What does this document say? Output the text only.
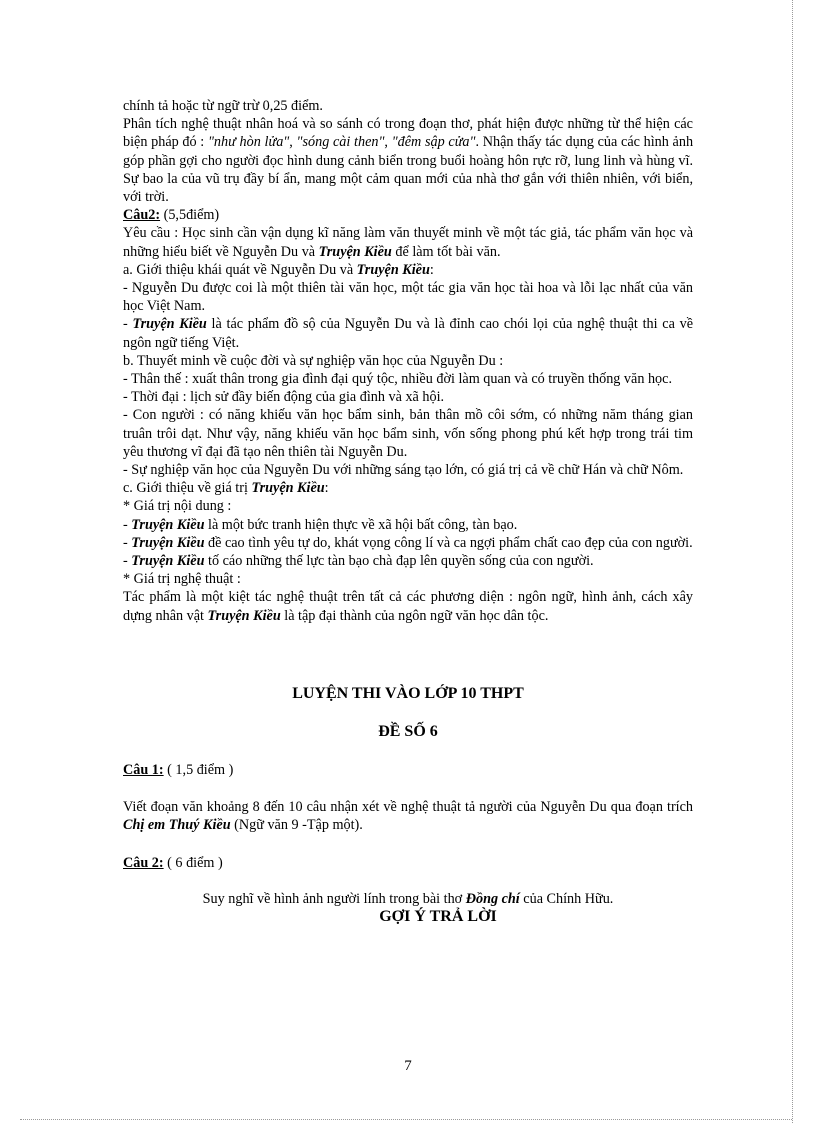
chính tả hoặc từ ngữ trừ 0,25 điểm.

Phân tích nghệ thuật nhân hoá và so sánh có trong đoạn thơ, phát hiện được những từ thể hiện các biện pháp đó : "như hòn lửa", "sóng cài then", "đêm sập cửa". Nhận thấy tác dụng của các hình ảnh góp phần gợi cho người đọc hình dung cảnh biển trong buổi hoàng hôn rực rỡ, lung linh và hùng vĩ. Sự bao la của vũ trụ đầy bí ẩn, mang một cảm quan mới của nhà thơ gắn với thiên nhiên, với biển, với trời.

Câu2: (5,5điểm)

Yêu cầu : Học sinh cần vận dụng kĩ năng làm văn thuyết minh về một tác giả, tác phẩm văn học và những hiểu biết về Nguyễn Du và Truyện Kiều để làm tốt bài văn.

a. Giới thiệu khái quát về Nguyễn Du và Truyện Kiều:

- Nguyễn Du được coi là một thiên tài văn học, một tác gia văn học tài hoa và lỗi lạc nhất của văn học Việt Nam.

- Truyện Kiều là tác phẩm đồ sộ của Nguyễn Du và là đỉnh cao chói lọi của nghệ thuật thi ca về ngôn ngữ tiếng Việt.

b. Thuyết minh về cuộc đời và sự nghiệp văn học của Nguyễn Du :

- Thân thế : xuất thân trong gia đình đại quý tộc, nhiều đời làm quan và có truyền thống văn học.

- Thời đại : lịch sử đầy biến động của gia đình và xã hội.

- Con người : có năng khiếu văn học bẩm sinh, bản thân mồ côi sớm, có những năm tháng gian truân trôi dạt. Như vậy, năng khiếu văn học bẩm sinh, vốn sống phong phú kết hợp trong trái tim yêu thương vĩ đại đã tạo nên thiên tài Nguyễn Du.

- Sự nghiệp văn học của Nguyễn Du với những sáng tạo lớn, có giá trị cả về chữ Hán và chữ Nôm.

c. Giới thiệu về giá trị Truyện Kiều:

* Giá trị nội dung :

- Truyện Kiều là một bức tranh hiện thực về xã hội bất công, tàn bạo.

- Truyện Kiều đề cao tình yêu tự do, khát vọng công lí và ca ngợi phẩm chất cao đẹp của con người.

- Truyện Kiều tố cáo những thế lực tàn bạo chà đạp lên quyền sống của con người.

* Giá trị nghệ thuật :

Tác phẩm là một kiệt tác nghệ thuật trên tất cả các phương diện : ngôn ngữ, hình ảnh, cách xây dựng nhân vật Truyện Kiều là tập đại thành của ngôn ngữ văn học dân tộc.

LUYỆN THI VÀO LỚP 10 THPT

ĐỀ SỐ 6

Câu 1: ( 1,5 điểm )

Viết đoạn văn khoảng 8 đến 10 câu nhận xét về nghệ thuật tả người của Nguyễn Du qua đoạn trích Chị em Thuý Kiều (Ngữ văn 9 -Tập một).

Câu 2: ( 6 điểm )

Suy nghĩ về hình ảnh người lính trong bài thơ Đồng chí của Chính Hữu.

GỢI Ý TRẢ LỜI

7
